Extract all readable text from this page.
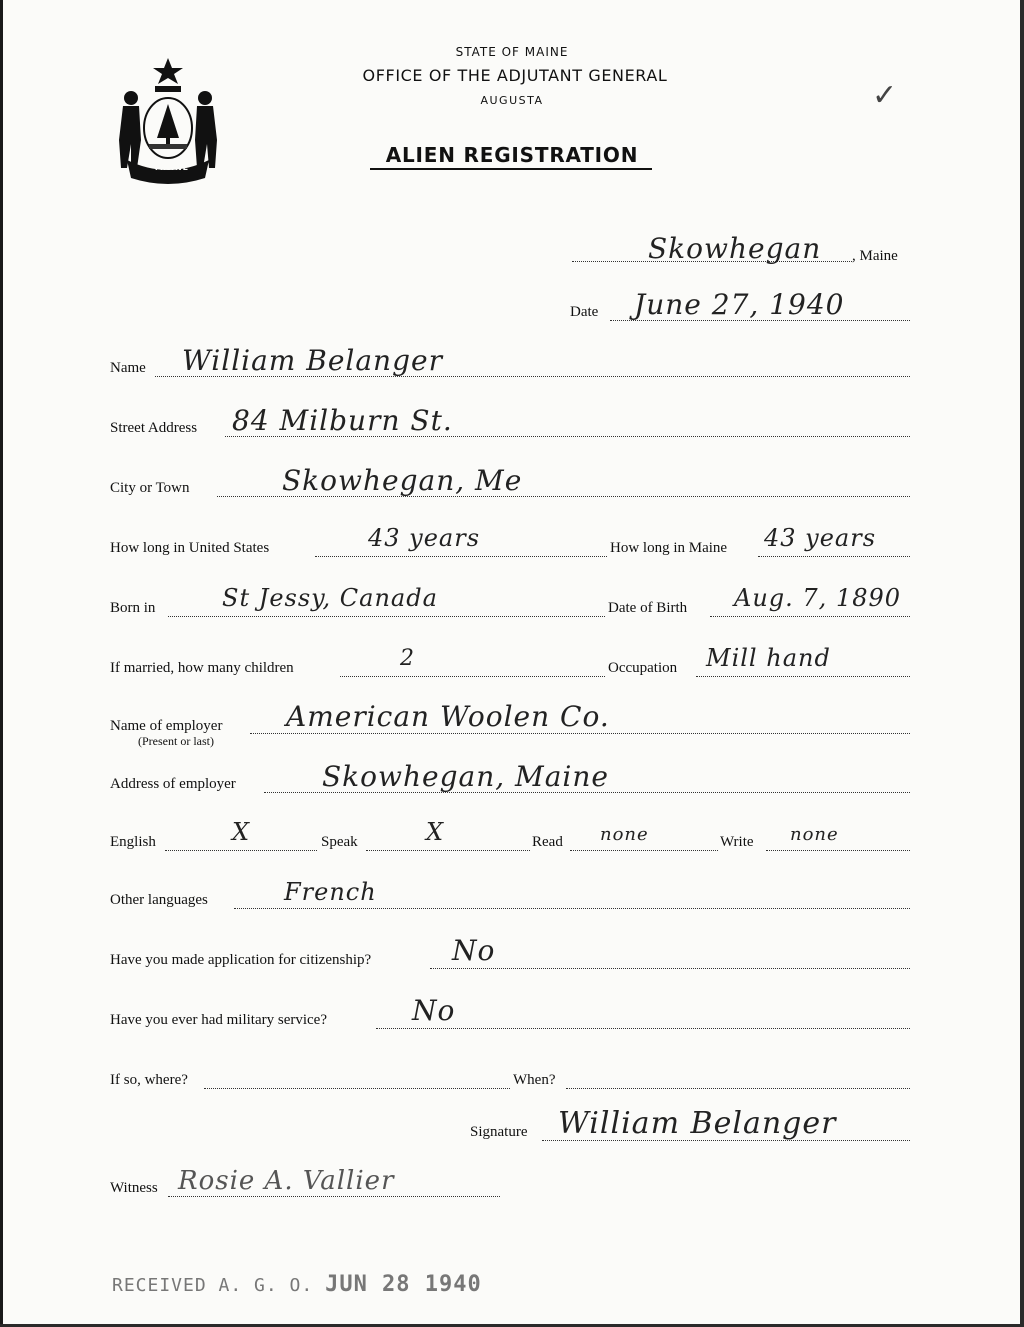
MAINE
STATE OF MAINE
OFFICE OF THE ADJUTANT GENERAL
AUGUSTA
ALIEN REGISTRATION
✓
Skowhegan , Maine
Date June 27, 1940
Name William Belanger
Street Address 84 Milburn St.
City or Town	Skowhegan, Me
How long in United States	43 years	How long in Maine 43 years
Born in	St Jessy, Canada	Date of Birth Aug. 7, 1890
If married, how many children	2	Occupation Mill hand
Name of employer
(Present or last)
American Woolen Co.
Address of employer	Skowhegan, Maine
English	X	Speak	X	Read none	Write none
Other languages	French
Have you made application for citizenship?	No
Have you ever had military service?	No
If so, where?	When?
Signature William Belanger
Witness Rosie A. Vallier
RECEIVED A. G. O. JUN 28 1940
